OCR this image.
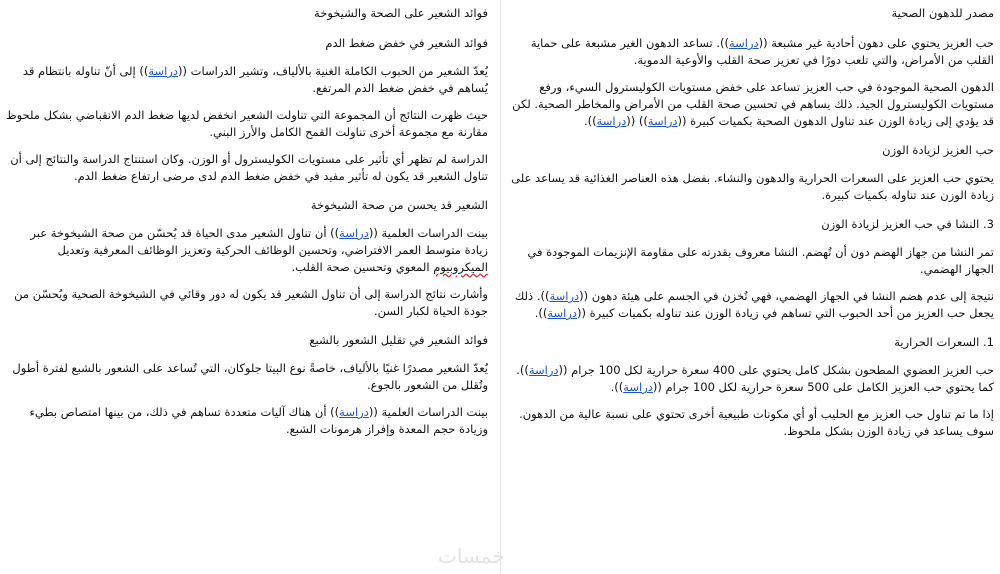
مصدر للدهون الصحية

حب العزيز يحتوي على دهون أحادية غير مشبعة ((دراسة)). تساعد الدهون الغير مشبعة على حماية القلب من الأمراض، والتي تلعب دورًا في تعزيز صحة القلب والأوعية الدموية.

الدهون الصحية الموجودة في حب العزيز تساعد على خفض مستويات الكوليسترول السيء، ورفع مستويات الكوليسترول الجيد. ذلك يساهم في تحسين صحة القلب من الأمراض والمخاطر الصحية. لكن قد يؤدي إلى زيادة الوزن عند تناول الدهون الصحية بكميات كبيرة ((دراسة)) ((دراسة)).

حب العزيز لزيادة الوزن

يحتوي حب العزيز على السعرات الحرارية والدهون والنشاء. بفضل هذه العناصر الغذائية قد يساعد على زيادة الوزن عند تناوله بكميات كبيرة.

3. النشا في حب العزيز لزيادة الوزن

تمر النشا من جهاز الهضم دون أن تُهضم. النشا معروف بقدرته على مقاومة الإنزيمات الموجودة في الجهاز الهضمي.

نتيجة إلى عدم هضم النشا في الجهاز الهضمي، فهي تُخزن في الجسم على هيئة دهون ((دراسة)). ذلك يجعل حب العزيز من أحد الحبوب التي تساهم في زيادة الوزن عند تناوله بكميات كبيرة ((دراسة)).

1. السعرات الحرارية

حب العزيز العضوي المطحون بشكل كامل يحتوي على 400 سعرة حرارية لكل 100 جرام ((دراسة)). كما يحتوي حب العزيز الكامل على 500 سعرة حرارية لكل 100 جرام ((دراسة)).

إذا ما تم تناول حب العزيز مع الحليب أو أي مكونات طبيعية أخرى تحتوي على نسبة عالية من الدهون. سوف يساعد في زيادة الوزن بشكل ملحوظ.

فوائد الشعير على الصحة والشيخوخة
فوائد الشعير في خفض ضغط الدم

يُعدّ الشعير من الحبوب الكاملة الغنية بالألياف، وتشير الدراسات ((دراسة)) إلى أنّ تناوله بانتظام قد يُساهم في خفض ضغط الدم المرتفع.

حيث ظهرت النتائج أن المجموعة التي تناولت الشعير انخفض لديها ضغط الدم الانقباضي بشكل ملحوظ مقارنة مع مجموعة أخرى تناولت القمح الكامل والأرز البني.

الدراسة لم تظهر أي تأثير على مستويات الكوليسترول أو الوزن. وكان استنتاج الدراسة والنتائج إلى أن تناول الشعير قد يكون له تأثير مفيد في خفض ضغط الدم لدى مرضى ارتفاع ضغط الدم.

الشعير قد يحسن من صحة الشيخوخة

بينت الدراسات العلمية ((دراسة)) أن تناول الشعير مدى الحياة قد يُحسّن من صحة الشيخوخة عبر زيادة متوسط العمر الافتراضي، وتحسين الوظائف الحركية وتعزيز الوظائف المعرفية وتعديل الميكروبيوم المعوي وتحسين صحة القلب.

وأشارت نتائج الدراسة إلى أن تناول الشعير قد يكون له دور وقائي في الشيخوخة الصحية ويُحسّن من جودة الحياة لكبار السن.

فوائد الشعير في تقليل الشعور بالشبع

يُعدّ الشعير مصدرًا غنيًا بالألياف، خاصةً نوع البيتا جلوكان، التي تُساعد على الشعور بالشبع لفترة أطول وتُقلل من الشعور بالجوع.

بينت الدراسات العلمية ((دراسة)) أن هناك آليات متعددة تساهم في ذلك، من بينها امتصاص بطيء وزيادة حجم المعدة وإفراز هرمونات الشبع.

خمسات
